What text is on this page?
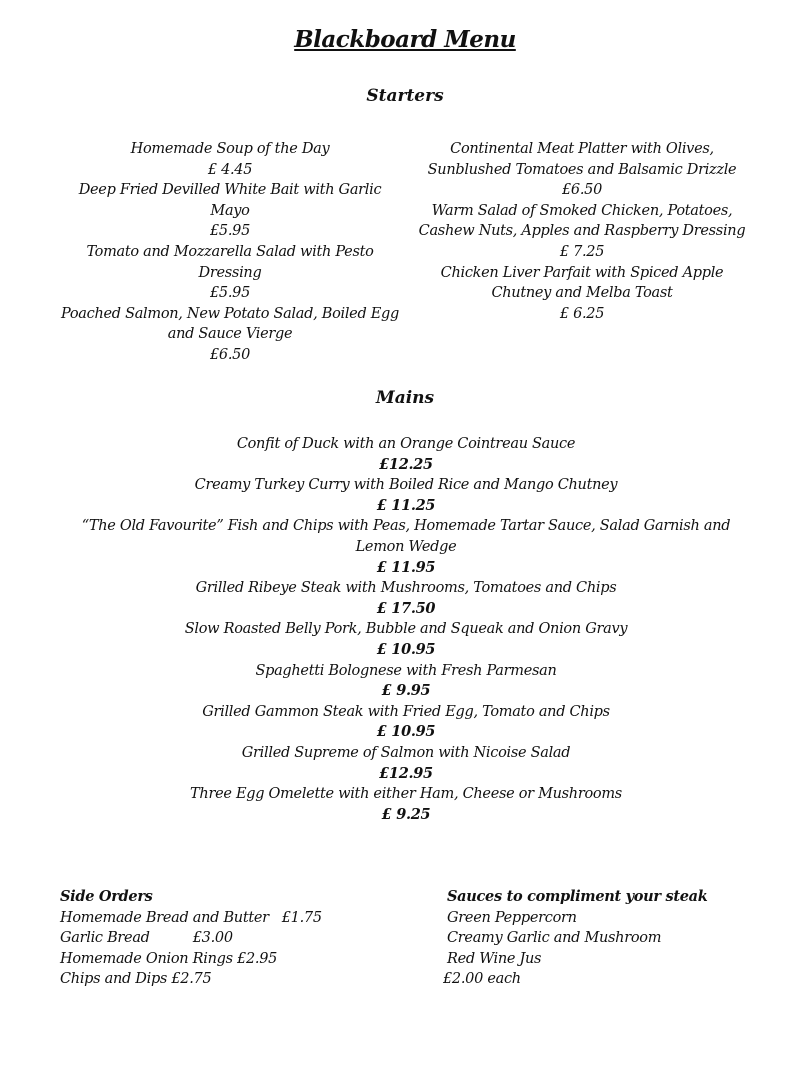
Blackboard Menu
Starters
Homemade Soup of the Day
£ 4.45
Deep Fried Devilled White Bait with Garlic Mayo
£5.95
Tomato and Mozzarella Salad with Pesto Dressing
£5.95
Poached Salmon, New Potato Salad, Boiled Egg and Sauce Vierge
£6.50
Continental Meat Platter with Olives, Sunblushed Tomatoes and Balsamic Drizzle
£6.50
Warm Salad of Smoked Chicken, Potatoes, Cashew Nuts, Apples and Raspberry Dressing
£ 7.25
Chicken Liver Parfait with Spiced Apple Chutney and Melba Toast
£ 6.25
Mains
Confit of Duck with an Orange Cointreau Sauce
£12.25
Creamy Turkey Curry with Boiled Rice and Mango Chutney
£ 11.25
“The Old Favourite” Fish and Chips with Peas, Homemade Tartar Sauce, Salad Garnish and Lemon Wedge
£ 11.95
Grilled Ribeye Steak with Mushrooms, Tomatoes and Chips
£ 17.50
Slow Roasted Belly Pork, Bubble and Squeak and Onion Gravy
£ 10.95
Spaghetti Bolognese with Fresh Parmesan
£ 9.95
Grilled Gammon Steak with Fried Egg, Tomato and Chips
£ 10.95
Grilled Supreme of Salmon with Nicoise Salad
£12.95
Three Egg Omelette with either Ham, Cheese or Mushrooms
£ 9.25
Side Orders
Homemade Bread and Butter   £1.75
Garlic Bread          £3.00
Homemade Onion Rings £2.95
Chips and Dips £2.75
Sauces to compliment your steak
Green Peppercorn
Creamy Garlic and Mushroom
Red Wine Jus
£2.00 each
